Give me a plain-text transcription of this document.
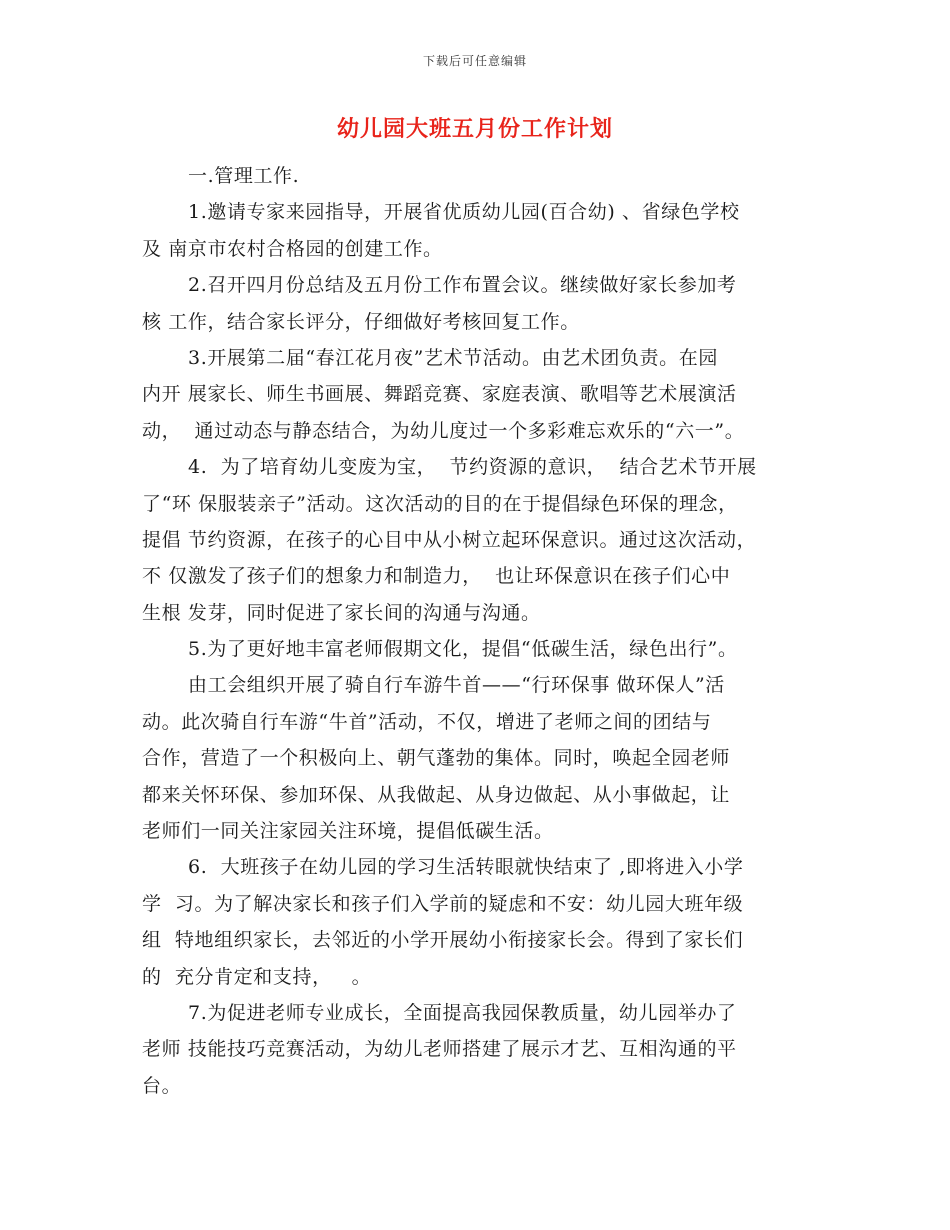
下载后可任意编辑
幼儿园大班五月份工作计划
一.管理工作.
1.邀请专家来园指导，开展省优质幼儿园(百合幼) 、省绿色学校
及 南京市农村合格园的创建工作。
2.召开四月份总结及五月份工作布置会议。继续做好家长参加考
核 工作，结合家长评分，仔细做好考核回复工作。
3.开展第二届“春江花月夜”艺术节活动。由艺术团负责。在园
内开 展家长、师生书画展、舞蹈竞赛、家庭表演、歌唱等艺术展演活
动，  通过动态与静态结合，为幼儿度过一个多彩难忘欢乐的“六一”。
4.  为了培育幼儿变废为宝，  节约资源的意识，  结合艺术节开展
了“环 保服装亲子”活动。这次活动的目的在于提倡绿色环保的理念，
提倡 节约资源，在孩子的心目中从小树立起环保意识。通过这次活动，
不 仅激发了孩子们的想象力和制造力，  也让环保意识在孩子们心中
生根 发芽，同时促进了家长间的沟通与沟通。
5.为了更好地丰富老师假期文化，提倡“低碳生活，绿色出行”。
由工会组织开展了骑自行车游牛首——“行环保事 做环保人”活
动。此次骑自行车游“牛首”活动，不仅，增进了老师之间的团结与
合作，营造了一个积极向上、朝气蓬勃的集体。同时，唤起全园老师
都来关怀环保、参加环保、从我做起、从身边做起、从小事做起，让
老师们一同关注家园关注环境，提倡低碳生活。
6.  大班孩子在幼儿园的学习生活转眼就快结束了 ,即将进入小学
学  习。为了解决家长和孩子们入学前的疑虑和不安：幼儿园大班年级
组  特地组织家长，去邻近的小学开展幼小衔接家长会。得到了家长们
的  充分肯定和支持，   。
7.为促进老师专业成长，全面提高我园保教质量，幼儿园举办了
老师 技能技巧竞赛活动，为幼儿老师搭建了展示才艺、互相沟通的平
台。
